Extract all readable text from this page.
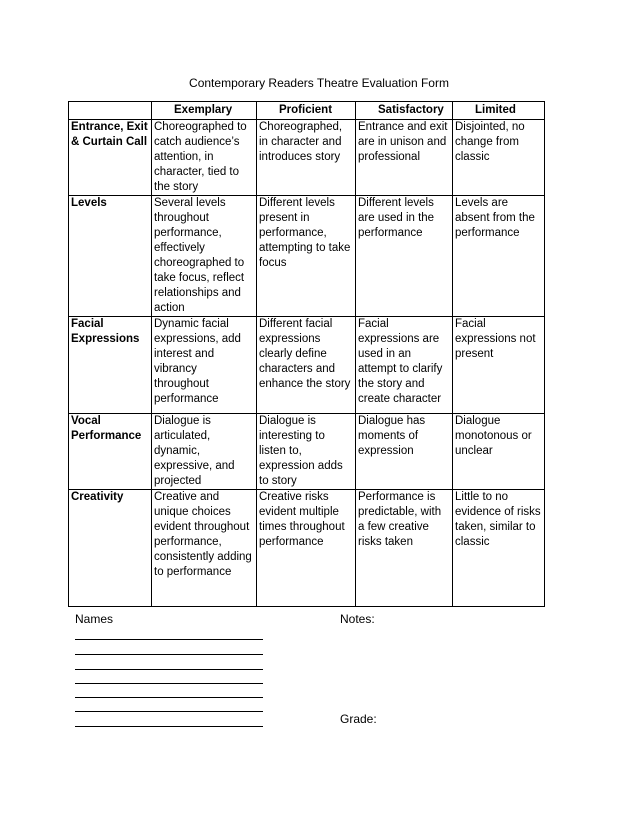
Contemporary Readers Theatre Evaluation Form
	Exemplary	Proficient	Satisfactory	Limited
Entrance, Exit & Curtain Call	Choreographed to catch audience’s attention, in character, tied to the story	Choreographed, in character and introduces story	Entrance and exit are in unison and professional	Disjointed, no change from classic
Levels	Several levels throughout performance, effectively choreographed to take focus, reflect relationships and action	Different levels present in performance, attempting to take focus	Different levels are used in the performance	Levels are absent from the performance
Facial Expressions	Dynamic facial expressions, add interest and vibrancy throughout performance	Different facial expressions clearly define characters and enhance the story	Facial expressions are used in an attempt to clarify the story and create character	Facial expressions not present
Vocal Performance	Dialogue is articulated, dynamic, expressive, and projected	Dialogue is interesting to listen to, expression adds to story	Dialogue has moments of expression	Dialogue monotonous or unclear
Creativity	Creative and unique choices evident throughout performance, consistently adding to performance	Creative risks evident multiple times throughout performance	Performance is predictable, with a few creative risks taken	Little to no evidence of risks taken, similar to classic
Names	Notes:
Grade:
